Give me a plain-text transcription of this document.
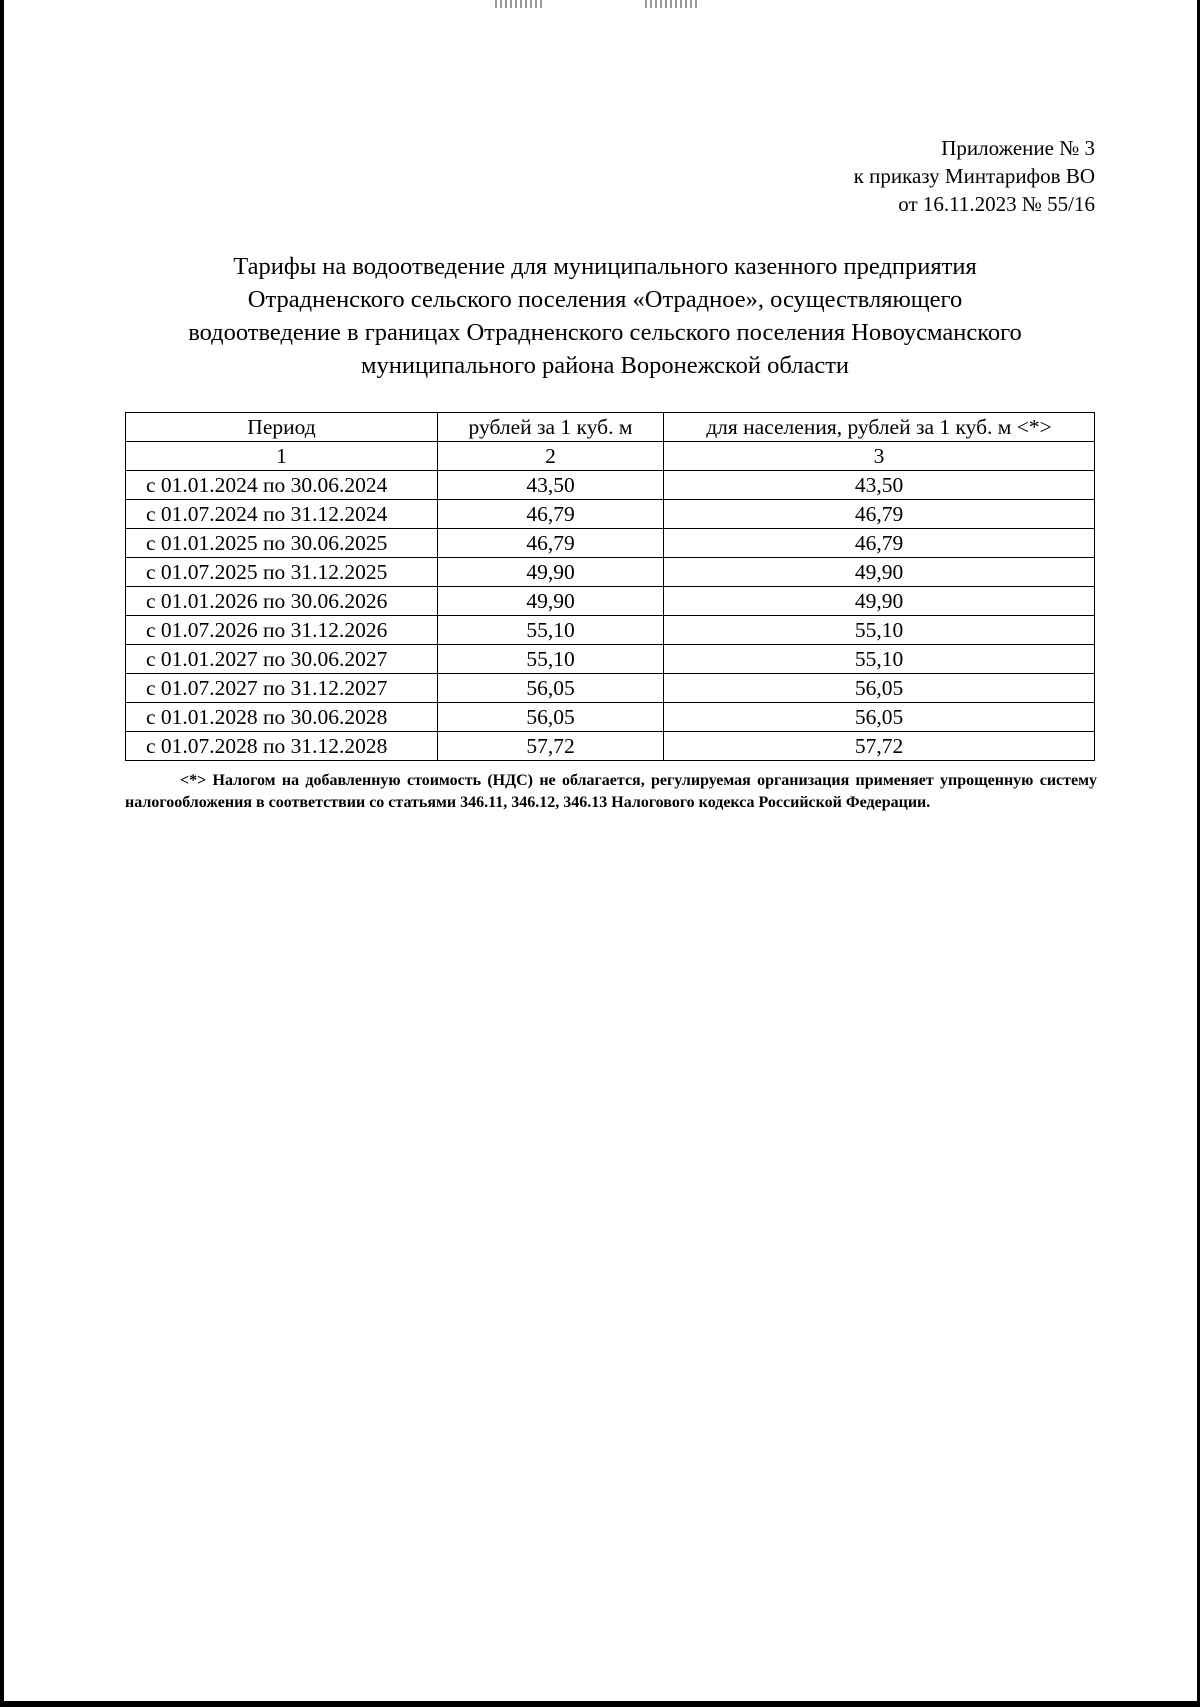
Приложение № 3
к приказу Минтарифов ВО
от 16.11.2023 № 55/16
Тарифы на водоотведение для муниципального казенного предприятия
Отрадненского сельского поселения «Отрадное», осуществляющего
водоотведение в границах Отрадненского сельского поселения Новоусманского
муниципального района Воронежской области
Период	рублей за 1 куб. м	для населения, рублей за 1 куб. м <*>
1	2	3
с 01.01.2024 по 30.06.2024	43,50	43,50
с 01.07.2024 по 31.12.2024	46,79	46,79
с 01.01.2025 по 30.06.2025	46,79	46,79
с 01.07.2025 по 31.12.2025	49,90	49,90
с 01.01.2026 по 30.06.2026	49,90	49,90
с 01.07.2026 по 31.12.2026	55,10	55,10
с 01.01.2027 по 30.06.2027	55,10	55,10
с 01.07.2027 по 31.12.2027	56,05	56,05
с 01.01.2028 по 30.06.2028	56,05	56,05
с 01.07.2028 по 31.12.2028	57,72	57,72
<*> Налогом на добавленную стоимость (НДС) не облагается, регулируемая организация применяет упрощенную систему налогообложения в соответствии со статьями 346.11, 346.12, 346.13 Налогового кодекса Российской Федерации.
